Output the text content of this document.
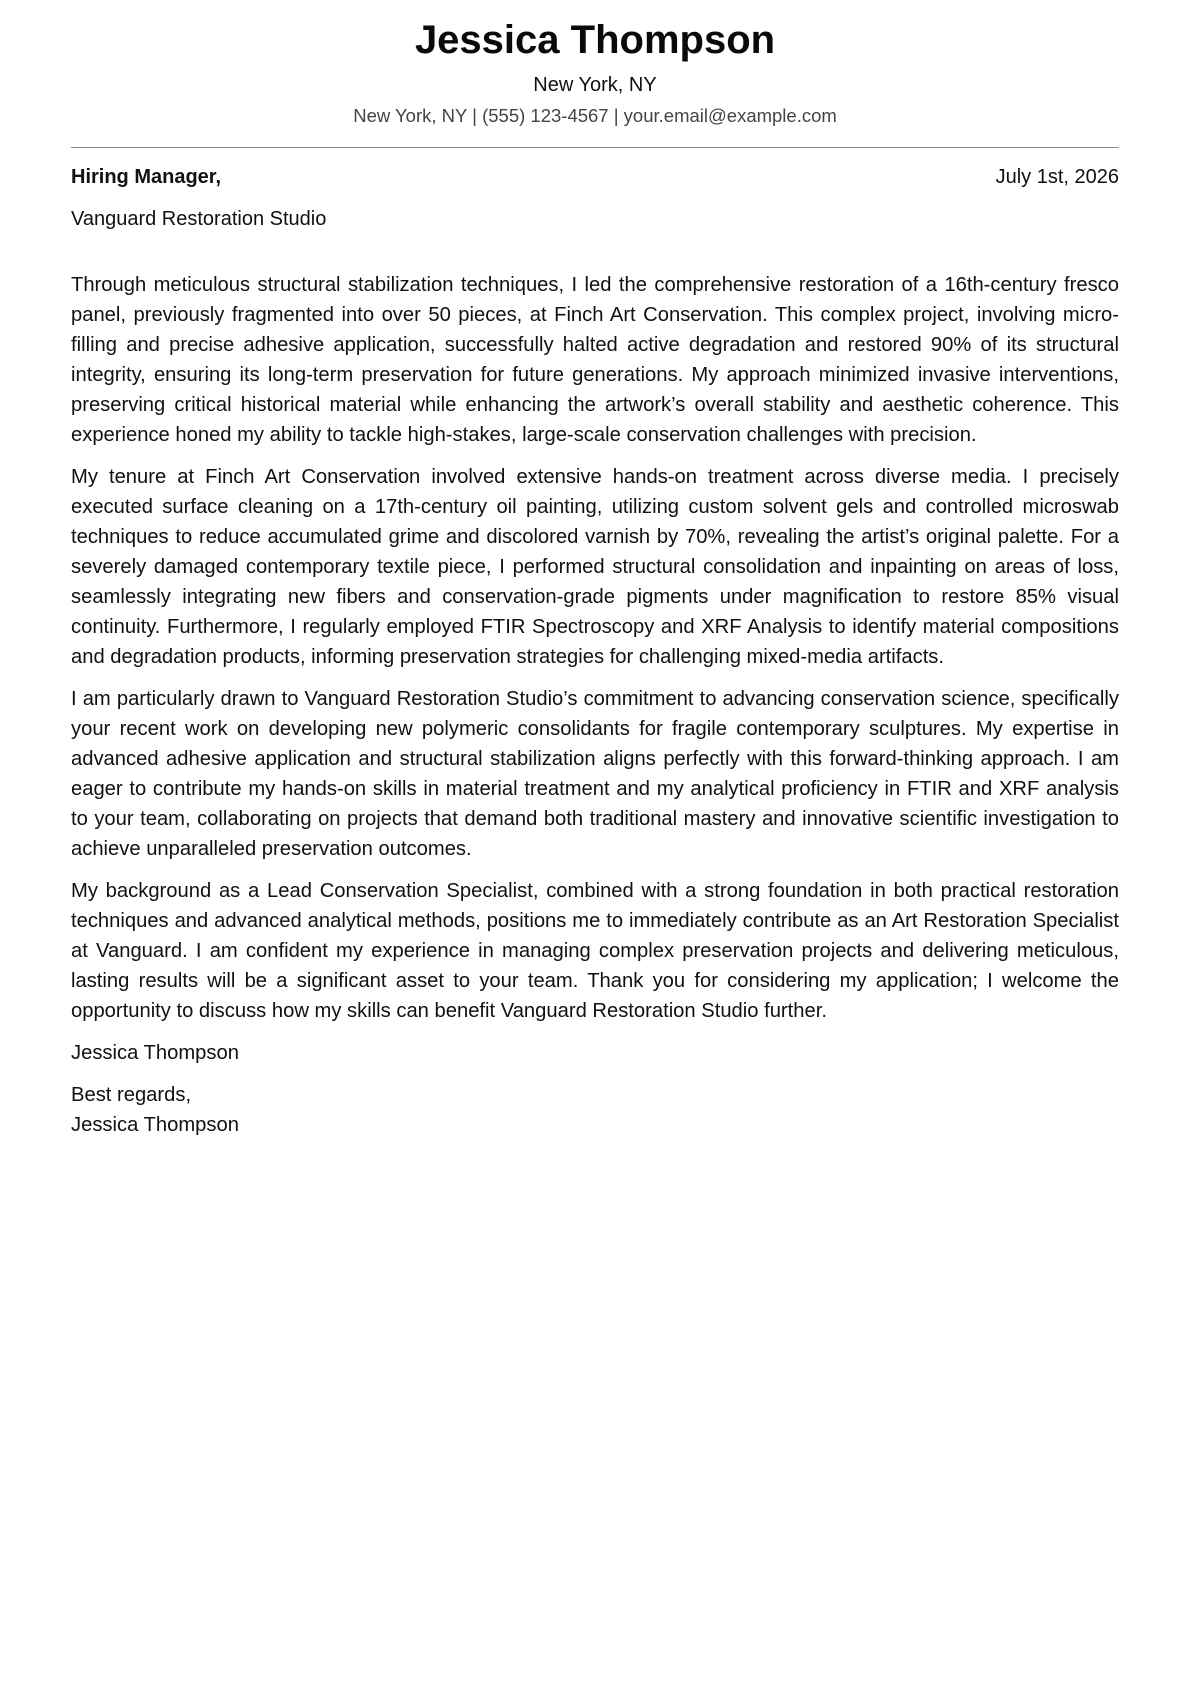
Jessica Thompson
New York, NY
New York, NY | (555) 123-4567 | your.email@example.com
Hiring Manager,	July 1st, 2026
Vanguard Restoration Studio

Through meticulous structural stabilization techniques, I led the comprehensive restoration of a 16th-century fresco panel, previously fragmented into over 50 pieces, at Finch Art Conservation. This complex project, involving micro-filling and precise adhesive application, successfully halted active degradation and restored 90% of its structural integrity, ensuring its long-term preservation for future generations. My approach minimized invasive interventions, preserving critical historical material while enhancing the artwork’s overall stability and aesthetic coherence. This experience honed my ability to tackle high-stakes, large-scale conservation challenges with precision.

My tenure at Finch Art Conservation involved extensive hands-on treatment across diverse media. I precisely executed surface cleaning on a 17th-century oil painting, utilizing custom solvent gels and controlled microswab techniques to reduce accumulated grime and discolored varnish by 70%, revealing the artist’s original palette. For a severely damaged contemporary textile piece, I performed structural consolidation and inpainting on areas of loss, seamlessly integrating new fibers and conservation-grade pigments under magnification to restore 85% visual continuity. Furthermore, I regularly employed FTIR Spectroscopy and XRF Analysis to identify material compositions and degradation products, informing preservation strategies for challenging mixed-media artifacts.

I am particularly drawn to Vanguard Restoration Studio’s commitment to advancing conservation science, specifically your recent work on developing new polymeric consolidants for fragile contemporary sculptures. My expertise in advanced adhesive application and structural stabilization aligns perfectly with this forward-thinking approach. I am eager to contribute my hands-on skills in material treatment and my analytical proficiency in FTIR and XRF analysis to your team, collaborating on projects that demand both traditional mastery and innovative scientific investigation to achieve unparalleled preservation outcomes.

My background as a Lead Conservation Specialist, combined with a strong foundation in both practical restoration techniques and advanced analytical methods, positions me to immediately contribute as an Art Restoration Specialist at Vanguard. I am confident my experience in managing complex preservation projects and delivering meticulous, lasting results will be a significant asset to your team. Thank you for considering my application; I welcome the opportunity to discuss how my skills can benefit Vanguard Restoration Studio further.

Jessica Thompson
Best regards,
Jessica Thompson
